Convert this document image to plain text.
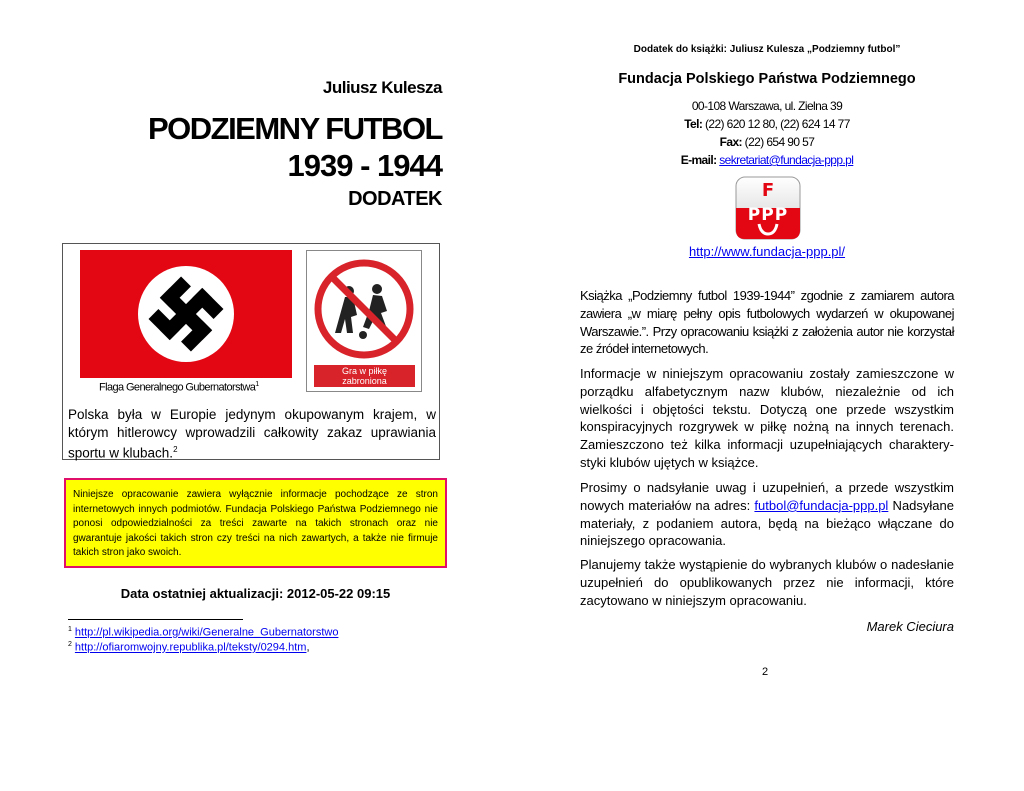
Juliusz Kulesza
PODZIEMNY FUTBOL
1939 - 1944
DODATEK
Flaga Generalnego Gubernatorstwa$^1$
Gra w piłkę
zabroniona
Polska była w Europie jedynym okupowanym krajem, w którym hitlerowcy wprowadzili całkowity zakaz uprawiania sportu w klubach.$^2$
Niniejsze opracowanie zawiera wyłącznie informacje pochodzące ze stron internetowych innych podmiotów. Fundacja Polskiego Państwa Podziemnego nie ponosi odpowiedzialności za treści zawarte na takich stronach oraz nie gwarantuje jakości takich stron czy treści na nich zawartych, a także nie firmuje takich stron jako swoich.
Data ostatniej aktualizacji: 2012-05-22 09:15
$^1$ http://pl.wikipedia.org/wiki/Generalne_Gubernatorstwo
$^2$ http://ofiaromwojny.republika.pl/teksty/0294.htm,
Dodatek do książki: Juliusz Kulesza „Podziemny futbol”
Fundacja Polskiego Państwa Podziemnego
00-108 Warszawa, ul. Zielna 39
Tel: (22) 620 12 80, (22) 624 14 77
Fax: (22) 654 90 57
E-mail: sekretariat@fundacja-ppp.pl
F
PPP
http://www.fundacja-ppp.pl/
Książka „Podziemny futbol 1939-1944” zgodnie z zamiarem autora zawiera „w miarę pełny opis futbolowych wydarzeń w okupowanej Warszawie.”. Przy opracowaniu książki z założenia autor nie korzystał ze źródeł internetowych.
Informacje w niniejszym opracowaniu zostały zamieszczone w porządku alfabetycznym nazw klubów, niezależnie od ich wielkości i objętości tekstu. Dotyczą one przede wszystkim konspiracyjnych rozgrywek w piłkę nożną na innych terenach. Zamieszczono też kilka informacji uzupełniających charakterystyki klubów ujętych w książce.
Prosimy o nadsyłanie uwag i uzupełnień, a przede wszystkim nowych materiałów na adres: futbol@fundacja-ppp.pl Nadsyłane materiały, z podaniem autora, będą na bieżąco włączane do niniejszego opracowania.
Planujemy także wystąpienie do wybranych klubów o nadesłanie uzupełnień do opublikowanych przez nie informacji, które zacytowano w niniejszym opracowaniu.
Marek Cieciura
2
